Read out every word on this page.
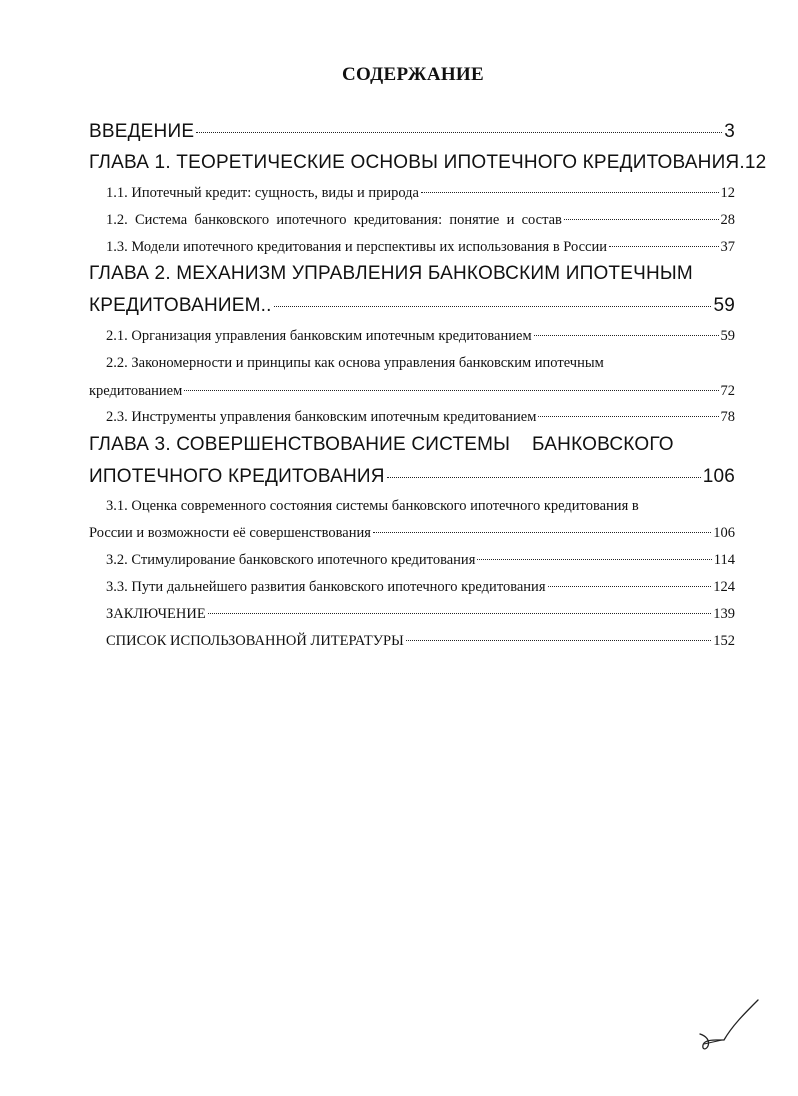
СОДЕРЖАНИЕ
ВВЕДЕНИЕ	3
ГЛАВА 1. ТЕОРЕТИЧЕСКИЕ ОСНОВЫ ИПОТЕЧНОГО КРЕДИТОВАНИЯ. 12
1.1. Ипотечный кредит: сущность, виды и природа	12
1.2.  Система  банковского  ипотечного  кредитования:  понятие  и  состав	28
1.3. Модели ипотечного кредитования и перспективы их использования в России	37
ГЛАВА 2. МЕХАНИЗМ УПРАВЛЕНИЯ БАНКОВСКИМ ИПОТЕЧНЫМ
КРЕДИТОВАНИЕМ..	59
2.1. Организация управления банковским ипотечным кредитованием	59
2.2. Закономерности и принципы как основа управления банковским ипотечным
кредитованием	72
2.3. Инструменты управления банковским ипотечным кредитованием	78
ГЛАВА 3. СОВЕРШЕНСТВОВАНИЕ СИСТЕМЫ    БАНКОВСКОГО
ИПОТЕЧНОГО КРЕДИТОВАНИЯ	106
3.1. Оценка современного состояния системы банковского ипотечного кредитования в
России и возможности её совершенствования	106
3.2. Стимулирование банковского ипотечного кредитования	114
3.3. Пути дальнейшего развития банковского ипотечного кредитования	124
ЗАКЛЮЧЕНИЕ	139
СПИСОК ИСПОЛЬЗОВАННОЙ ЛИТЕРАТУРЫ	152
